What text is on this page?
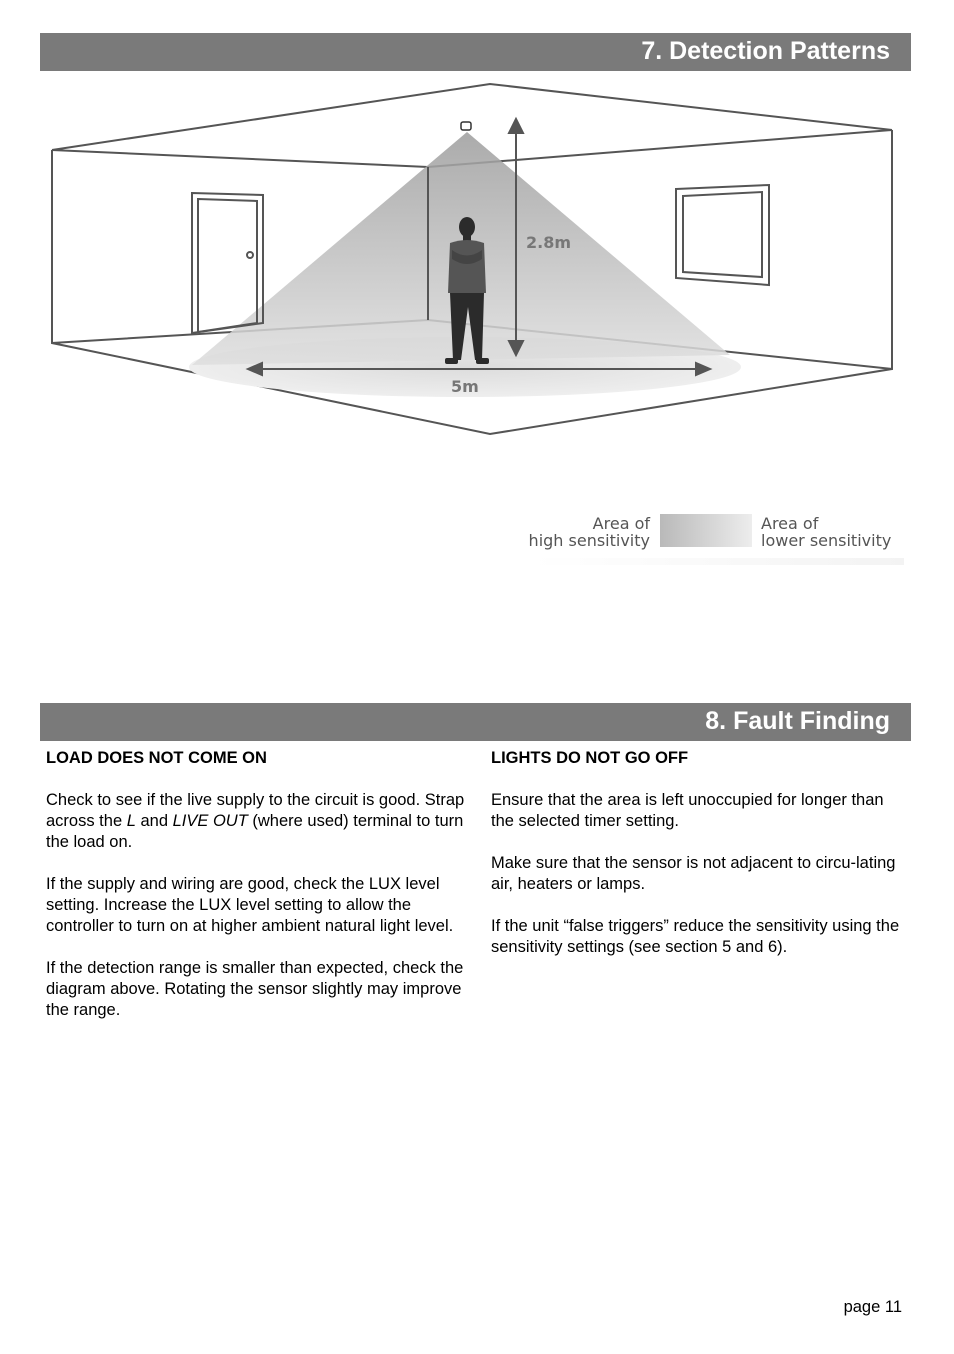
7. Detection Patterns
2.8m
5m
Area of
high sensitivity
Area of
lower sensitivity
8. Fault Finding
LOAD DOES NOT COME ON

Check to see if the live supply to the circuit is good. Strap across the L and LIVE OUT (where used) terminal to turn the load on.

If the supply and wiring are good, check the LUX level setting. Increase the LUX level setting to allow the controller to turn on at higher ambient natural light level.

If the detection range is smaller than expected, check the diagram above. Rotating the sensor slightly may improve the range.

LIGHTS DO NOT GO OFF

Ensure that the area is left unoccupied for longer than the selected timer setting.

Make sure that the sensor is not adjacent to circu-lating air, heaters or lamps.

If the unit “false triggers” reduce the sensitivity using the sensitivity settings (see section 5 and 6).

page 11
